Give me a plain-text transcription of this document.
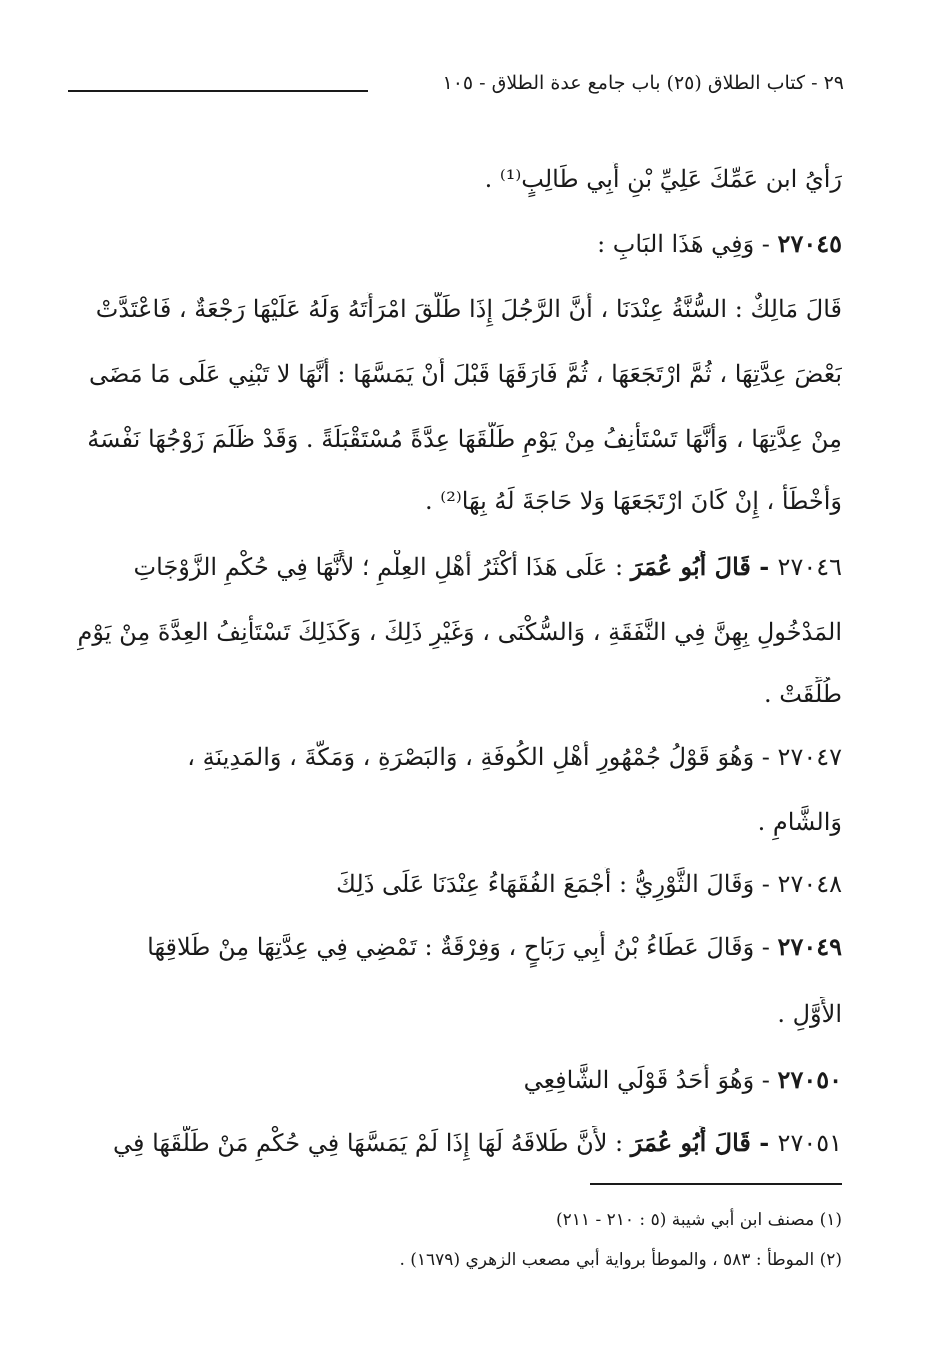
٢٩ - كتاب الطلاق (٢٥) باب جامع عدة الطلاق - ١٠٥
رَأْيُ ابن عَمِّكَ عَلِيِّ بْنِ أَبِي طَالِبٍ⁽¹⁾ .
٢٧٠٤٥ - وَفِي هَذَا البَابِ :
قَالَ مَالِكٌ : السُّنَّةُ عِنْدَنَا ، أَنَّ الرَّجُلَ إِذَا طَلَّقَ امْرَأَتَهُ وَلَهُ عَلَيْهَا رَجْعَةٌ ، فَاعْتَدَّتْ
بَعْضَ عِدَّتِهَا ، ثُمَّ ارْتَجَعَهَا ، ثُمَّ فَارَقَهَا قَبْلَ أَنْ يَمَسَّهَا : أَنَّهَا لا تَبْنِي عَلَى مَا مَضَى
مِنْ عِدَّتِهَا ، وَأَنَّهَا تَسْتَأْنِفُ مِنْ يَوْمِ طَلَّقَهَا عِدَّةً مُسْتَقْبَلَةً . وَقَدْ ظَلَمَ زَوْجُهَا نَفْسَهُ
وَأَخْطَأَ ، إِنْ كَانَ ارْتَجَعَهَا وَلا حَاجَةَ لَهُ بِهَا⁽²⁾ .
٢٧٠٤٦ - قَالَ أَبُو عُمَرَ : عَلَى هَذَا أَكْثَرُ أَهْلِ العِلْمِ ؛ لأَنَّهَا فِي حُكْمِ الزَّوْجَاتِ
المَدْخُولِ بِهِنَّ فِي النَّفَقَةِ ، وَالسُّكْنَى ، وَغَيْرِ ذَلِكَ ، وَكَذَلِكَ تَسْتَأْنِفُ العِدَّةَ مِنْ يَوْمِ
طُلِّقَتْ .
٢٧٠٤٧ - وَهُوَ قَوْلُ جُمْهُورِ أَهْلِ الكُوفَةِ ، وَالبَصْرَةِ ، وَمَكَّةَ ، وَالمَدِينَةِ ،
وَالشَّامِ .
٢٧٠٤٨ - وَقَالَ الثَّوْرِيُّ : أَجْمَعَ الفُقَهَاءُ عِنْدَنَا عَلَى ذَلِكَ
٢٧٠٤٩ - وَقَالَ عَطَاءُ بْنُ أَبِي رَبَاحٍ ، وَفِرْقَةٌ : تَمْضِي فِي عِدَّتِهَا مِنْ طَلاقِهَا
الأَوَّلِ .
٢٧٠٥٠ - وَهُوَ أَحَدُ قَوْلَي الشَّافِعِي
٢٧٠٥١ - قَالَ أَبُو عُمَرَ : لأَنَّ طَلاقَهُ لَهَا إِذَا لَمْ يَمَسَّهَا فِي حُكْمِ مَنْ طَلَّقَهَا فِي
(١) مصنف ابن أبي شيبة (٥ : ٢١٠ - ٢١١)
(٢) الموطأ : ٥٨٣ ، والموطأ برواية أبي مصعب الزهري (١٦٧٩) .
